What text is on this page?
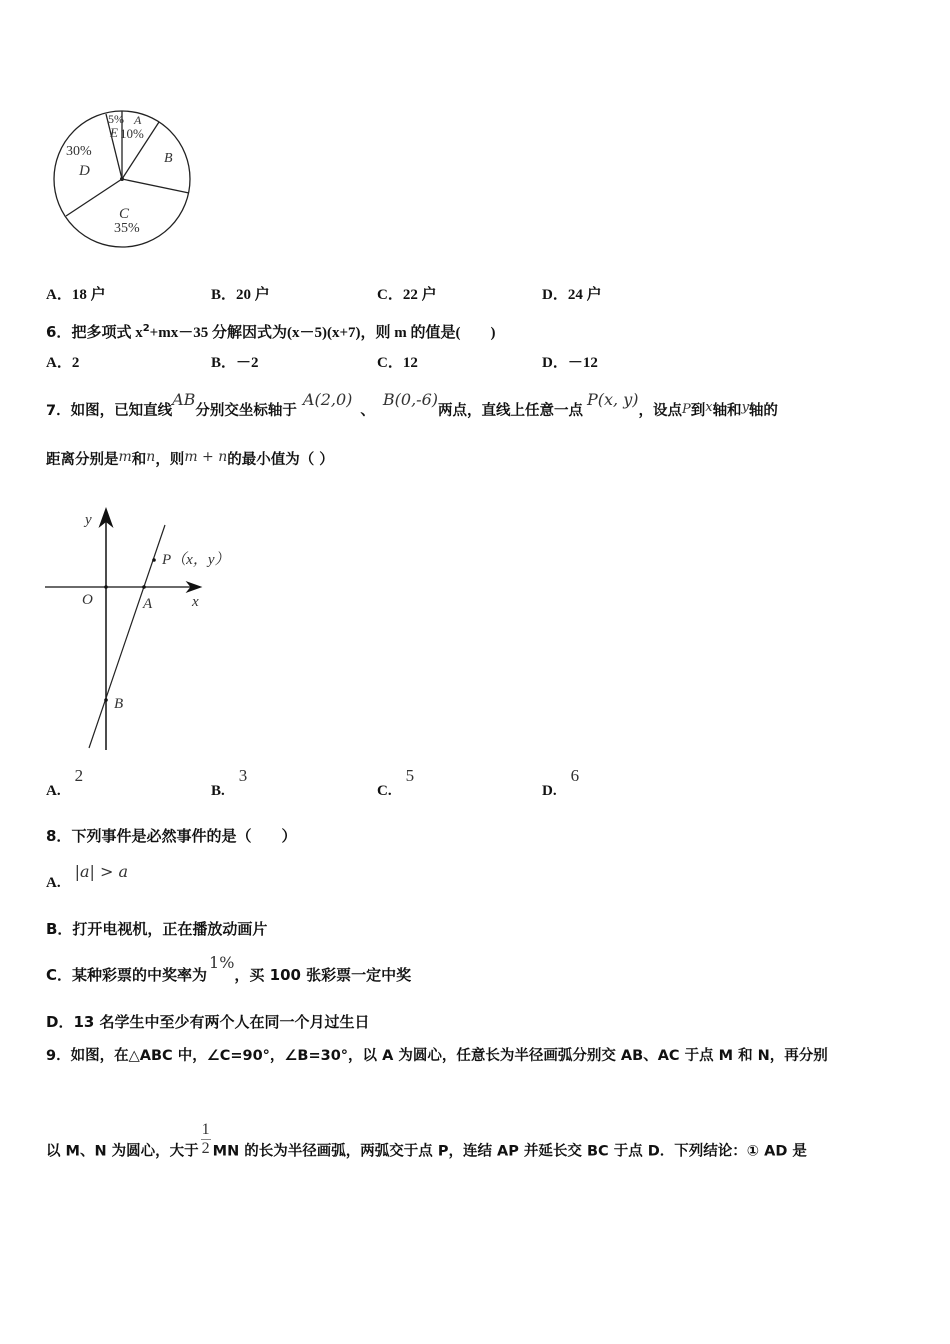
5%
E
A
10%
B
30%
D
C
35%
A．18 户	B．20 户	C．22 户	D．24 户
6．把多项式 $x^2+mx-35$ 分解因式为(x－5)(x+7)，则 m 的值是(　　)
A．2	B．－2	C．12	D．－12
7．如图，已知直线AB分别交坐标轴于A(2,0)、B(0,-6)两点，直线上任意一点P(x, y)，设点P到x轴和y轴的
距离分别是m和n，则m + n的最小值为（ ）
y
x
O	A
B
P（x，y）
A.2
B.3
C.5
D.6
8．下列事件是必然事件的是（　　）
A.|a| > a
B．打开电视机，正在播放动画片
C．某种彩票的中奖率为1%，买 100 张彩票一定中奖
D．13 名学生中至少有两个人在同一个月过生日
9．如图，在△ABC 中，∠C=90°，∠B=30°，以 A 为圆心，任意长为半径画弧分别交 AB、AC 于点 M 和 N，再分别
以 M、N 为圆心，大于 $\frac{1}{2}$ MN 的长为半径画弧，两弧交于点 P，连结 AP 并延长交 BC 于点 D．下列结论：① AD 是
